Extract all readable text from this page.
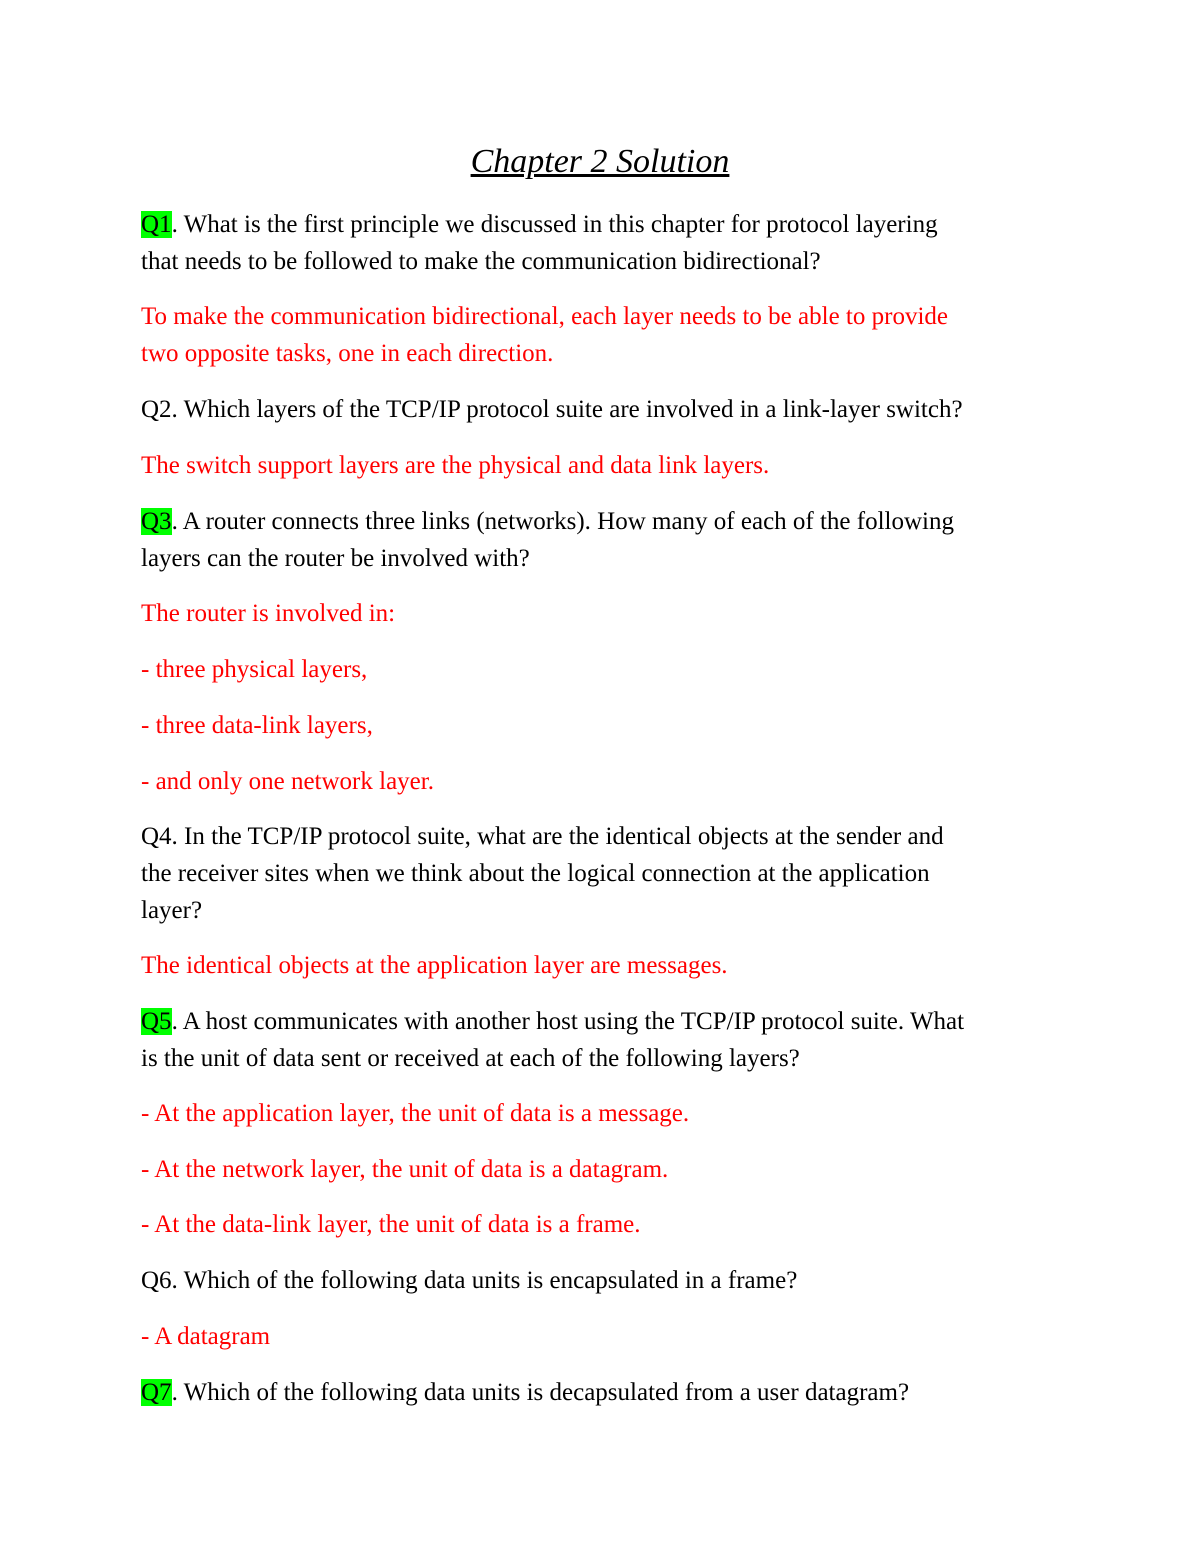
Chapter 2 Solution
Q1. What is the first principle we discussed in this chapter for protocol layering
that needs to be followed to make the communication bidirectional?
To make the communication bidirectional, each layer needs to be able to provide
two opposite tasks, one in each direction.
Q2. Which layers of the TCP/IP protocol suite are involved in a link-layer switch?
The switch support layers are the physical and data link layers.
Q3. A router connects three links (networks). How many of each of the following
layers can the router be involved with?
The router is involved in:
- three physical layers,
- three data-link layers,
- and only one network layer.
Q4. In the TCP/IP protocol suite, what are the identical objects at the sender and
the receiver sites when we think about the logical connection at the application
layer?
The identical objects at the application layer are messages.
Q5. A host communicates with another host using the TCP/IP protocol suite. What
is the unit of data sent or received at each of the following layers?
- At the application layer, the unit of data is a message.
- At the network layer, the unit of data is a datagram.
- At the data-link layer, the unit of data is a frame.
Q6. Which of the following data units is encapsulated in a frame?
- A datagram
Q7. Which of the following data units is decapsulated from a user datagram?
